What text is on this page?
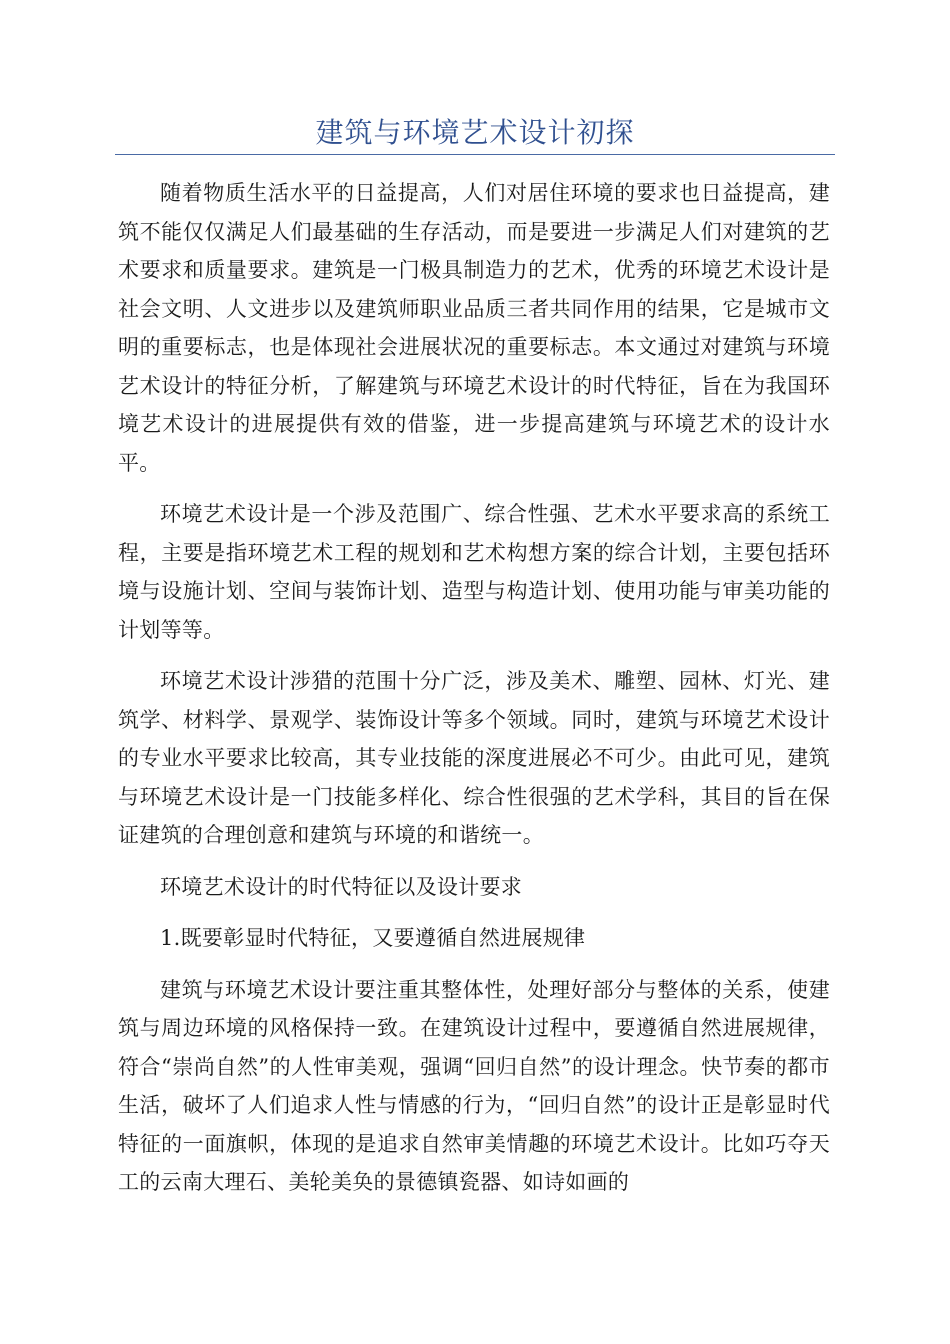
建筑与环境艺术设计初探

随着物质生活水平的日益提高，人们对居住环境的要求也日益提高，建筑不能仅仅满足人们最基础的生存活动，而是要进一步满足人们对建筑的艺术要求和质量要求。建筑是一门极具制造力的艺术，优秀的环境艺术设计是社会文明、人文进步以及建筑师职业品质三者共同作用的结果，它是城市文明的重要标志，也是体现社会进展状况的重要标志。本文通过对建筑与环境艺术设计的特征分析，了解建筑与环境艺术设计的时代特征，旨在为我国环境艺术设计的进展提供有效的借鉴，进一步提高建筑与环境艺术的设计水平。

环境艺术设计是一个涉及范围广、综合性强、艺术水平要求高的系统工程，主要是指环境艺术工程的规划和艺术构想方案的综合计划，主要包括环境与设施计划、空间与装饰计划、造型与构造计划、使用功能与审美功能的计划等等。

环境艺术设计涉猎的范围十分广泛，涉及美术、雕塑、园林、灯光、建筑学、材料学、景观学、装饰设计等多个领域。同时，建筑与环境艺术设计的专业水平要求比较高，其专业技能的深度进展必不可少。由此可见，建筑与环境艺术设计是一门技能多样化、综合性很强的艺术学科，其目的旨在保证建筑的合理创意和建筑与环境的和谐统一。

环境艺术设计的时代特征以及设计要求

1.既要彰显时代特征，又要遵循自然进展规律

建筑与环境艺术设计要注重其整体性，处理好部分与整体的关系，使建筑与周边环境的风格保持一致。在建筑设计过程中，要遵循自然进展规律，符合“崇尚自然”的人性审美观，强调“回归自然”的设计理念。快节奏的都市生活，破坏了人们追求人性与情感的行为，“回归自然”的设计正是彰显时代特征的一面旗帜，体现的是追求自然审美情趣的环境艺术设计。比如巧夺天工的云南大理石、美轮美奂的景德镇瓷器、如诗如画的
